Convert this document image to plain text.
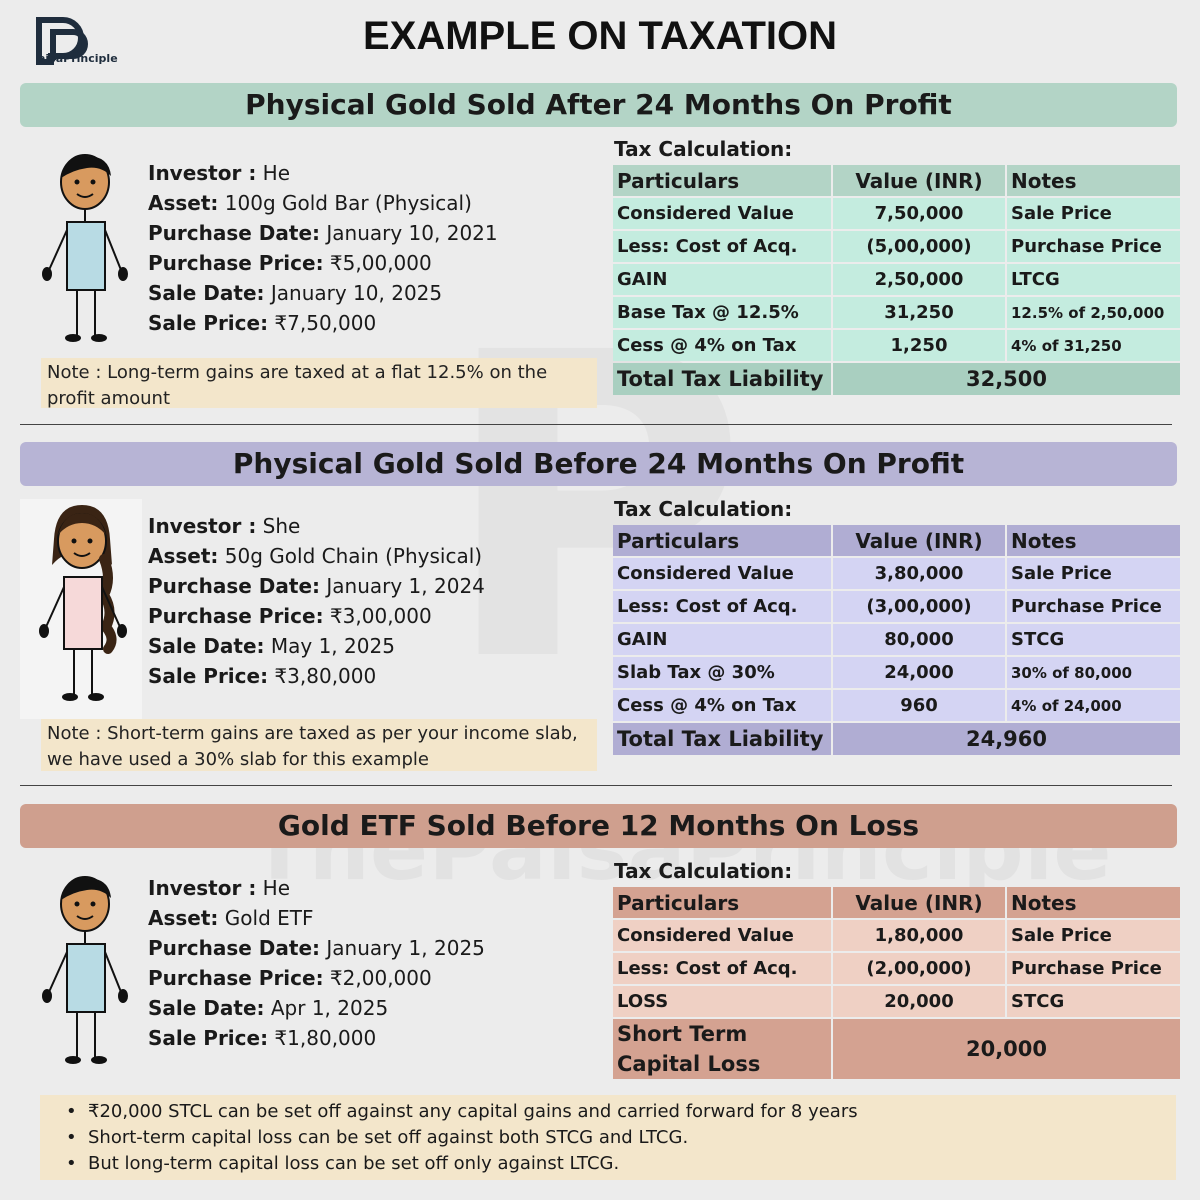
aisaPrinciple
EXAMPLE ON TAXATION
Physical Gold Sold After 24 Months On Profit
Investor : He
Asset: 100g Gold Bar (Physical)
Purchase Date: January 10, 2021
Purchase Price: ₹5,00,000
Sale Date: January 10, 2025
Sale Price: ₹7,50,000
Note : Long-term gains are taxed at a flat 12.5% on the profit amount
Tax Calculation:
Particulars	Value (INR)	Notes
Considered Value	7,50,000	Sale Price
Less: Cost of Acq.	(5,00,000)	Purchase Price
GAIN	2,50,000	LTCG
Base Tax @ 12.5%	31,250	12.5% of 2,50,000
Cess @ 4% on Tax	1,250	4% of 31,250
Total Tax Liability	32,500	
Physical Gold Sold Before 24 Months On Profit
Investor : She
Asset: 50g Gold Chain (Physical)
Purchase Date: January 1, 2024
Purchase Price: ₹3,00,000
Sale Date: May 1, 2025
Sale Price: ₹3,80,000
Note : Short-term gains are taxed as per your income slab, we have used a 30% slab for this example
Tax Calculation:
Particulars	Value (INR)	Notes
Considered Value	3,80,000	Sale Price
Less: Cost of Acq.	(3,00,000)	Purchase Price
GAIN	80,000	STCG
Slab Tax @ 30%	24,000	30% of 80,000
Cess @ 4% on Tax	960	4% of 24,000
Total Tax Liability	24,960	
Gold ETF Sold Before 12 Months On Loss
Investor : He
Asset: Gold ETF
Purchase Date: January 1, 2025
Purchase Price: ₹2,00,000
Sale Date: Apr 1, 2025
Sale Price: ₹1,80,000
Tax Calculation:
Particulars	Value (INR)	Notes
Considered Value	1,80,000	Sale Price
Less: Cost of Acq.	(2,00,000)	Purchase Price
LOSS	20,000	STCG
Short Term Capital Loss	20,000	
• ₹20,000 STCL can be set off against any capital gains and carried forward for 8 years
• Short-term capital loss can be set off against both STCG and LTCG.
• But long-term capital loss can be set off only against LTCG.
